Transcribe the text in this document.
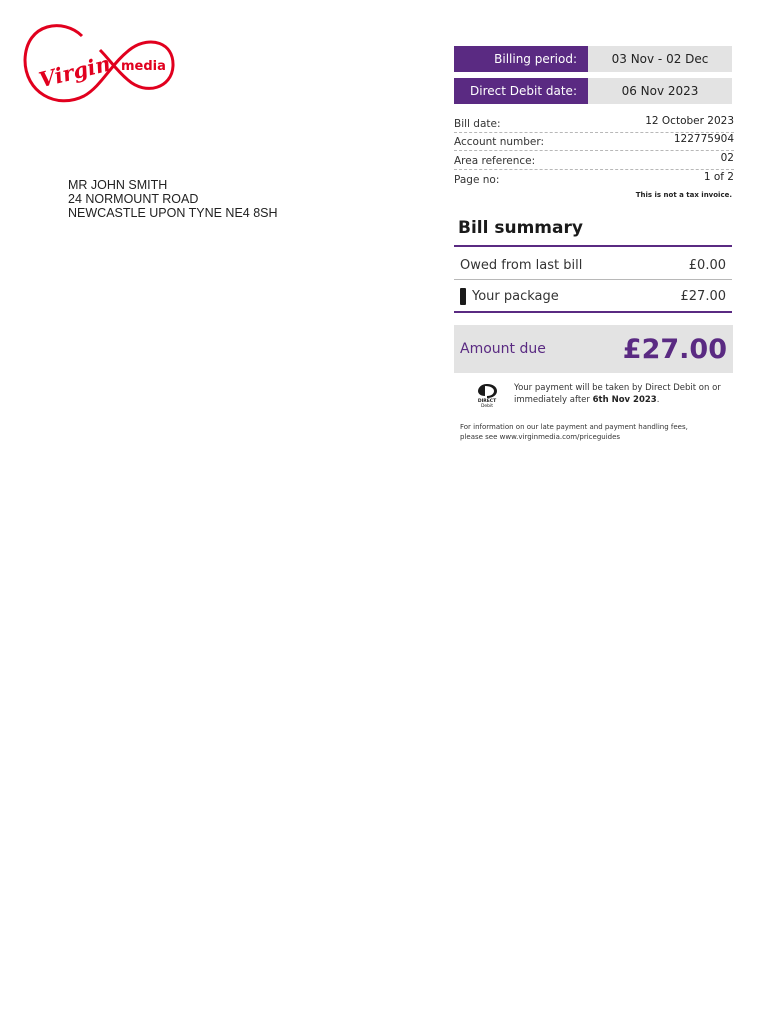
Virgin media
MR JOHN SMITH
24 NORMOUNT ROAD
NEWCASTLE UPON TYNE NE4 8SH
Billing period:	03 Nov - 02 Dec
Direct Debit date:	06 Nov 2023
Bill date:	12 October 2023
Account number:	122775904
Area reference:	02
Page no:	1 of 2
This is not a tax invoice.
Bill summary
Owed from last bill	£0.00
Your package	£27.00
Amount due	£27.00
DIRECT
Debit
Your payment will be taken by Direct Debit on or immediately after 6th Nov 2023.
For information on our late payment and payment handling fees,
please see www.virginmedia.com/priceguides
